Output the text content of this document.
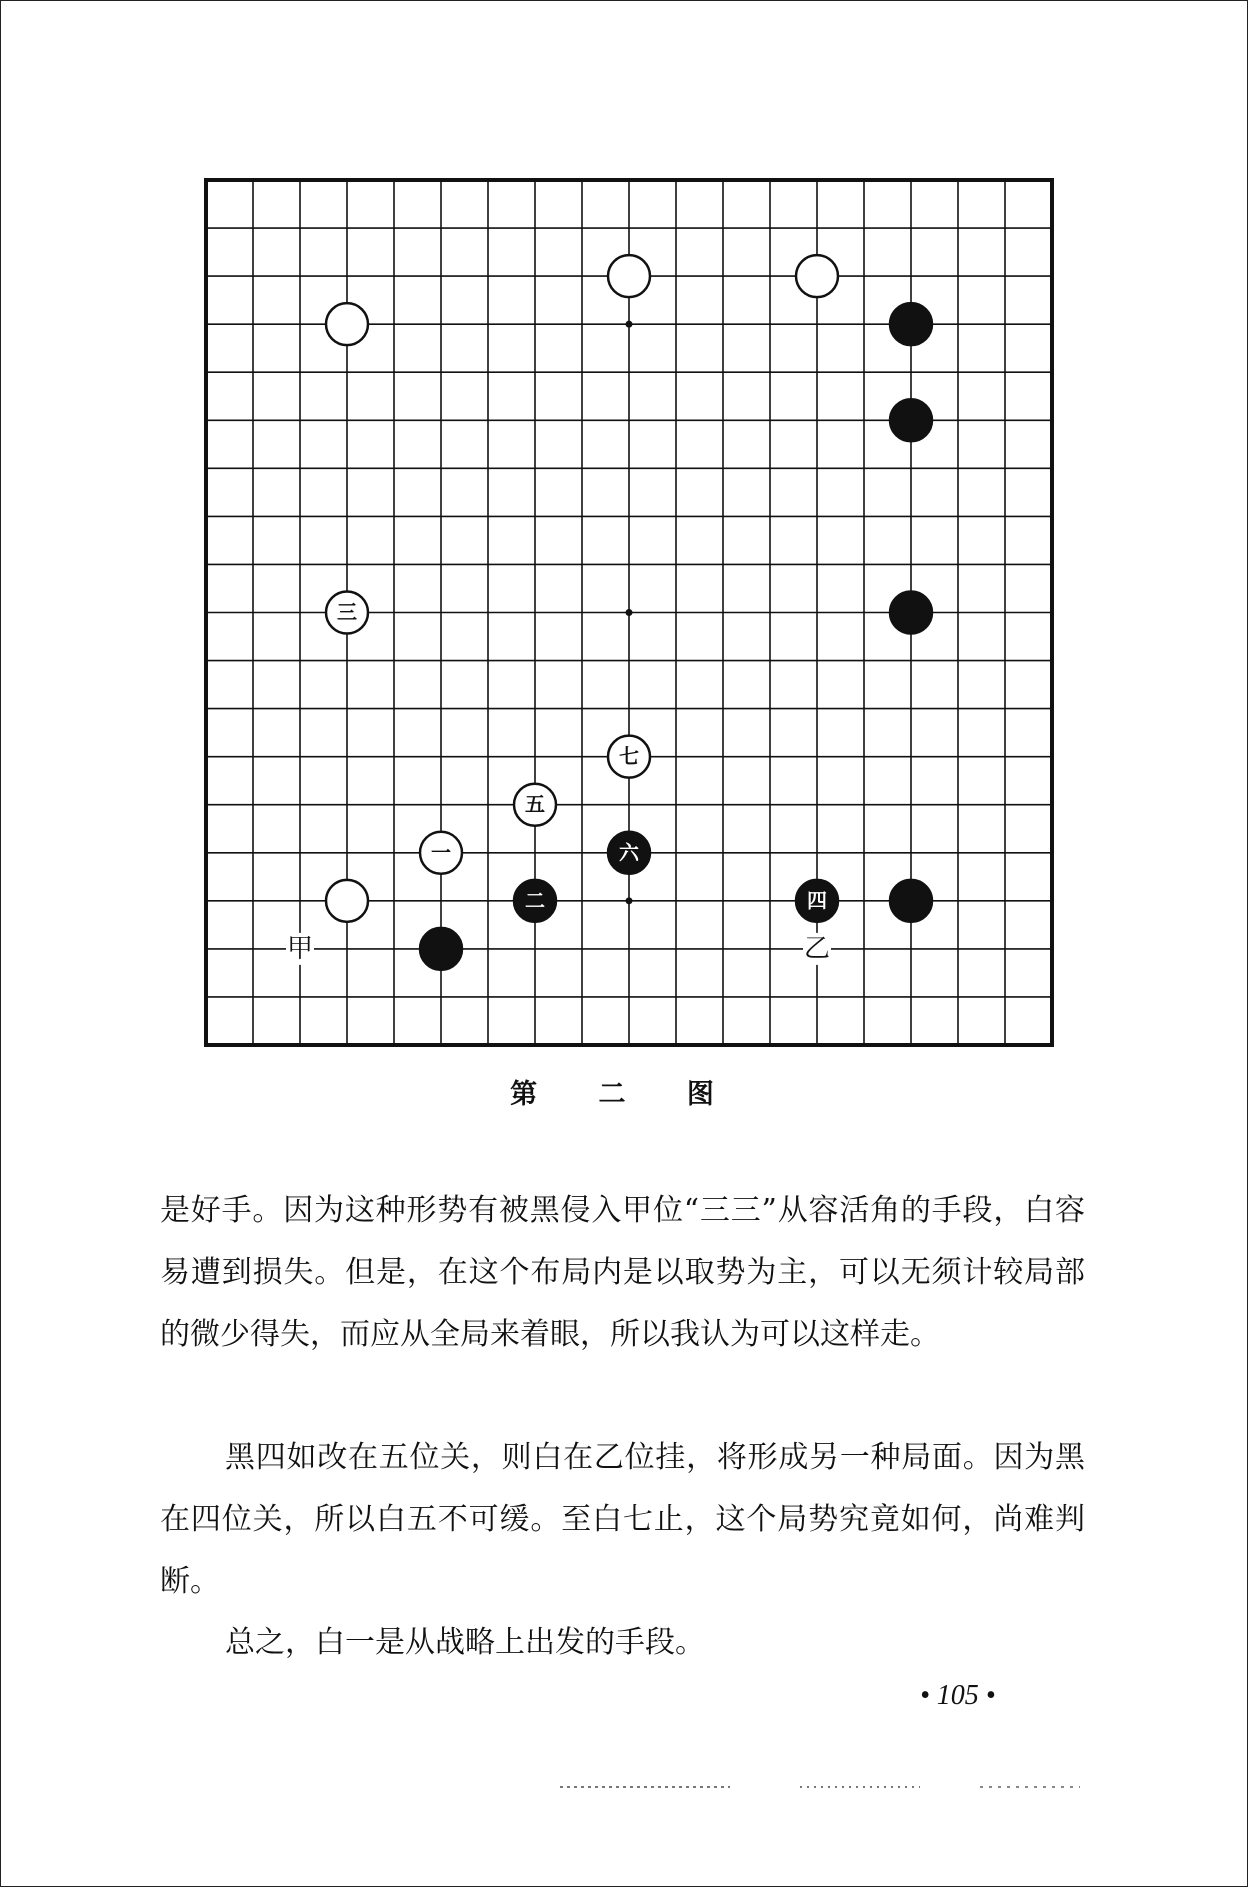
甲	乙
三
七
五
一	六
二	四
第 二 图

是好手。因为这种形势有被黑侵入甲位“三三”从容活角的手段，白容易遭到损失。但是，在这个布局内是以取势为主，可以无须计较局部的微少得失，而应从全局来着眼，所以我认为可以这样走。

黑四如改在五位关，则白在乙位挂，将形成另一种局面。因为黑在四位关，所以白五不可缓。至白七止，这个局势究竟如何，尚难判断。

总之，白一是从战略上出发的手段。

• 105 •
